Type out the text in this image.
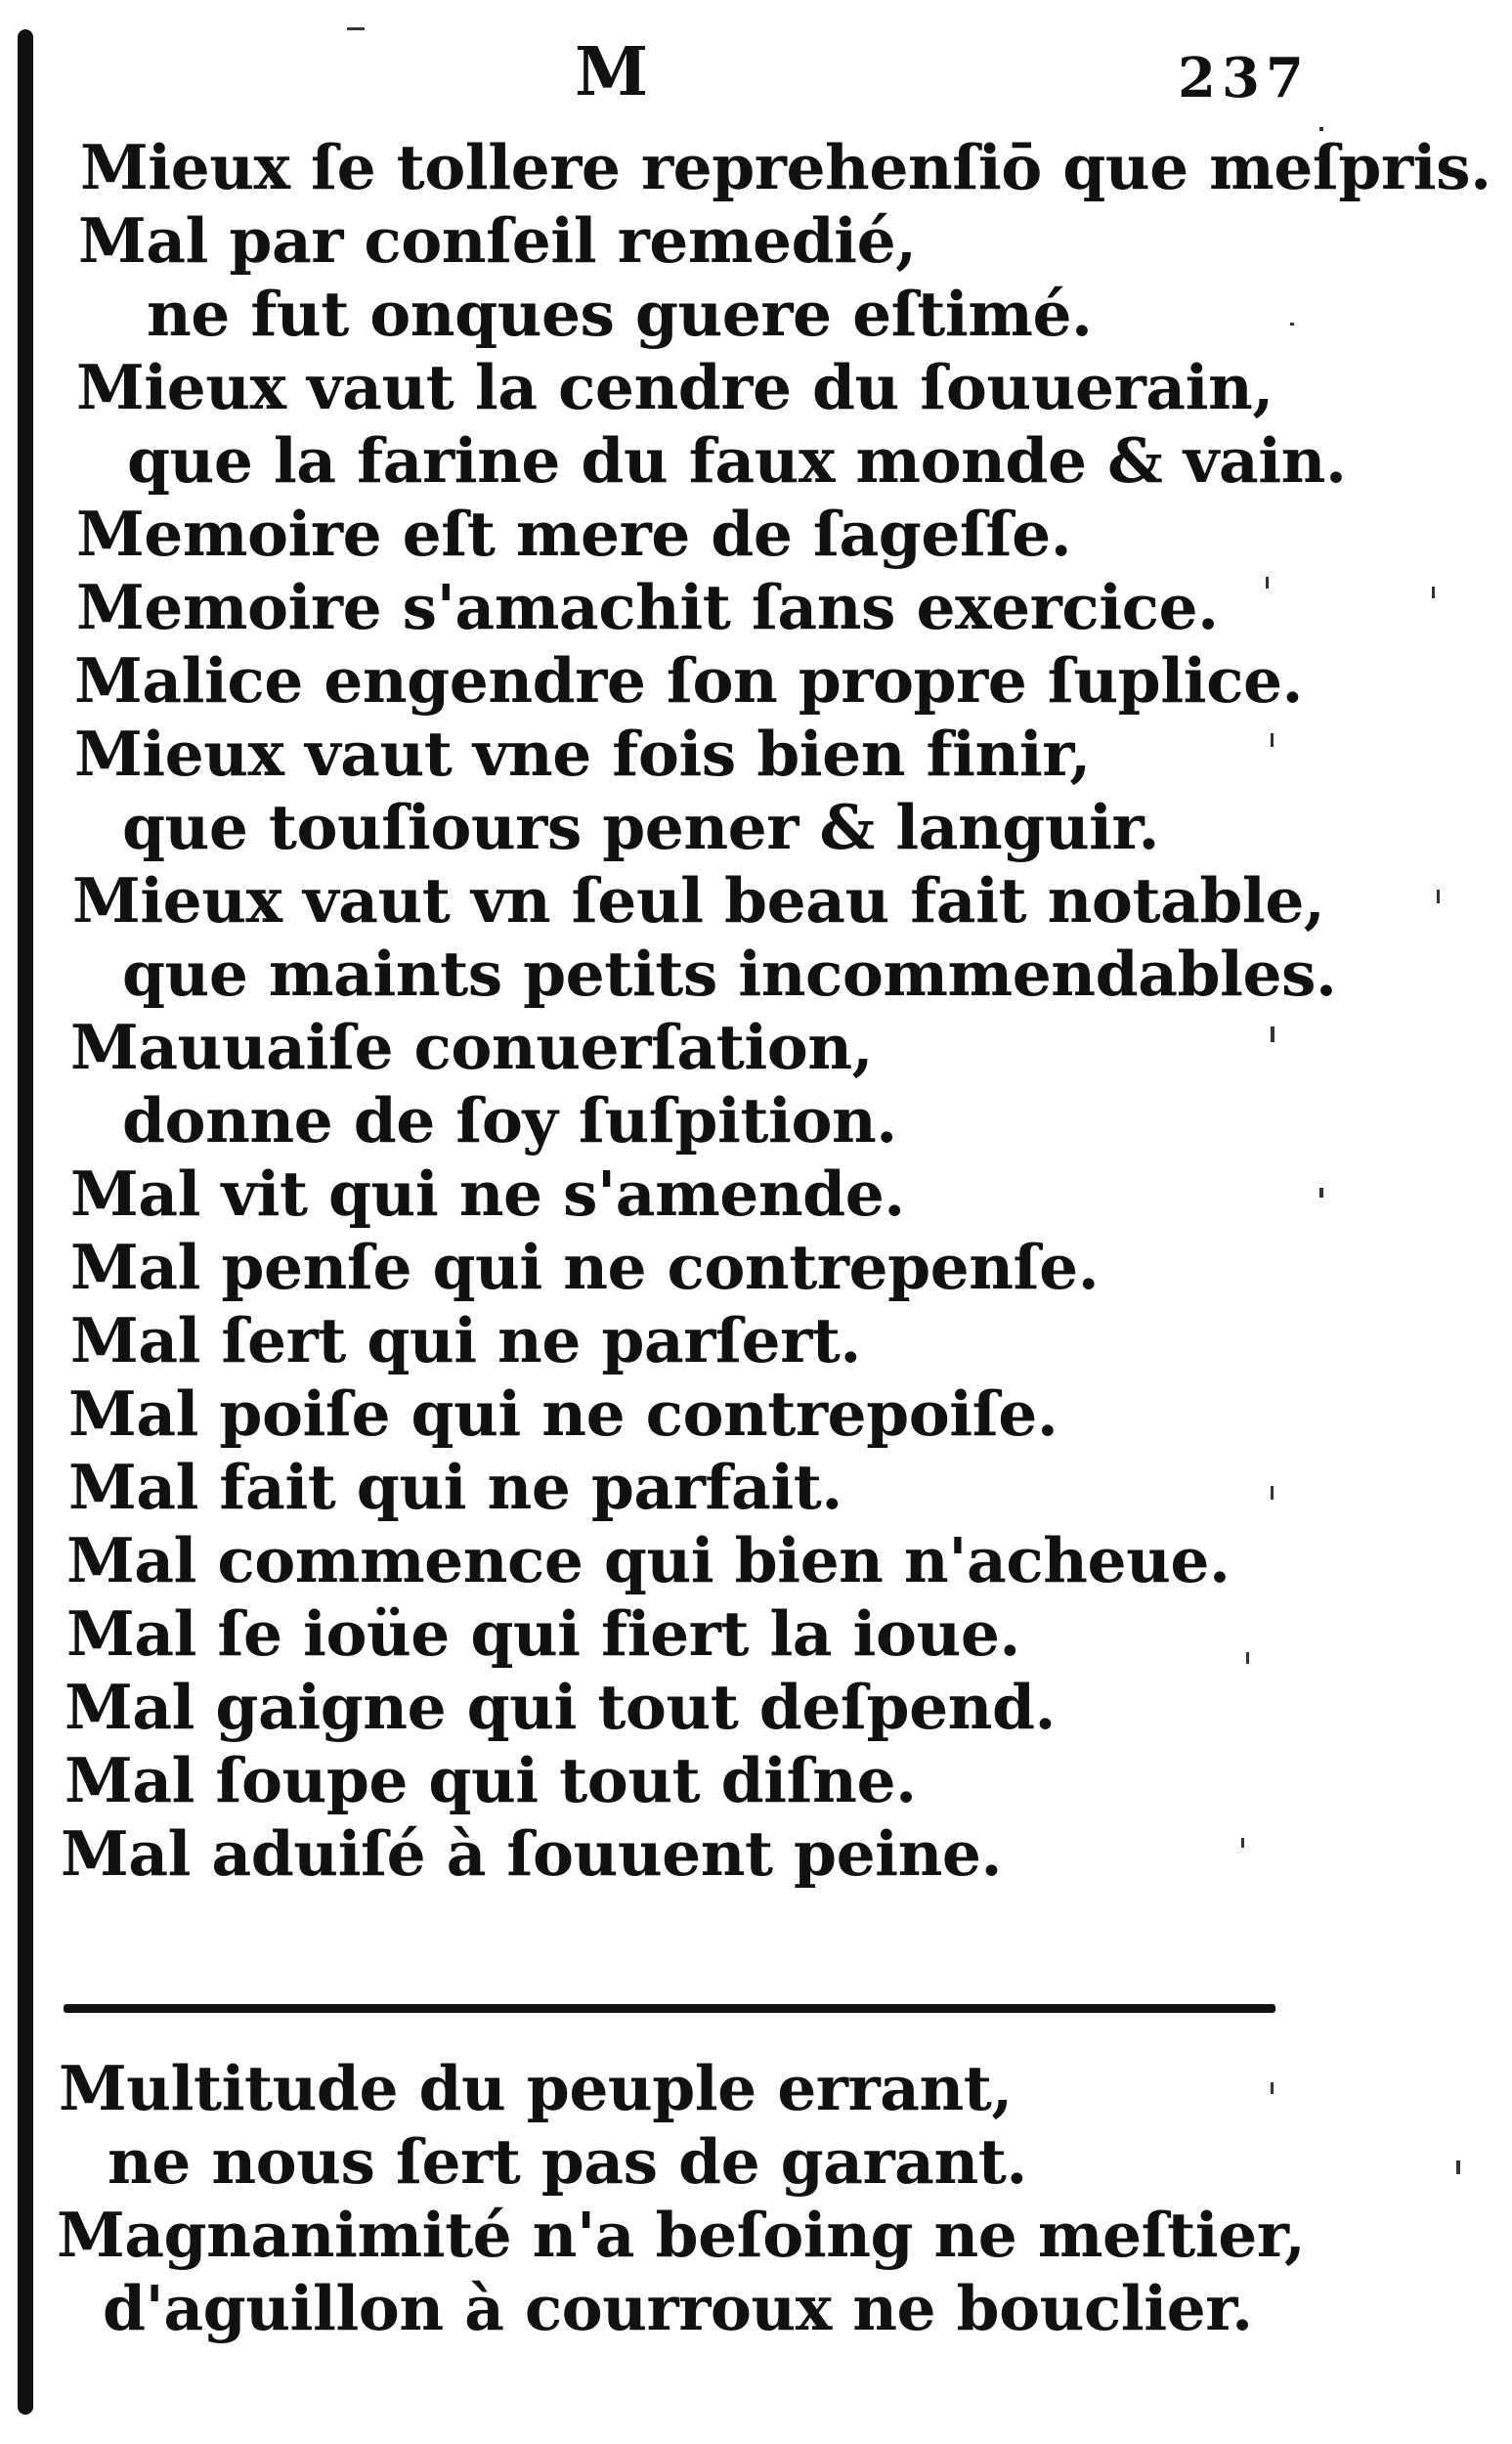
M	237
Mieux ſe tollere reprehenſiō que meſpris.
Mal par conſeil remedié,
ne fut onques guere eſtimé.
Mieux vaut la cendre du ſouuerain,
que la farine du faux monde & vain.
Memoire eſt mere de ſageſſe.
Memoire s'amachit ſans exercice.
Malice engendre ſon propre ſuplice.
Mieux vaut vne fois bien finir,
que touſiours pener & languir.
Mieux vaut vn ſeul beau fait notable,
que maints petits incommendables.
Mauuaiſe conuerſation,
donne de ſoy ſuſpition.
Mal vit qui ne s'amende.
Mal penſe qui ne contrepenſe.
Mal ſert qui ne parſert.
Mal poiſe qui ne contrepoiſe.
Mal fait qui ne parfait.
Mal commence qui bien n'acheue.
Mal ſe ioüe qui fiert la ioue.
Mal gaigne qui tout deſpend.
Mal ſoupe qui tout diſne.
Mal aduiſé à ſouuent peine.
Multitude du peuple errant,
ne nous ſert pas de garant.
Magnanimité n'a beſoing ne meſtier,
d'aguillon à courroux ne bouclier.
